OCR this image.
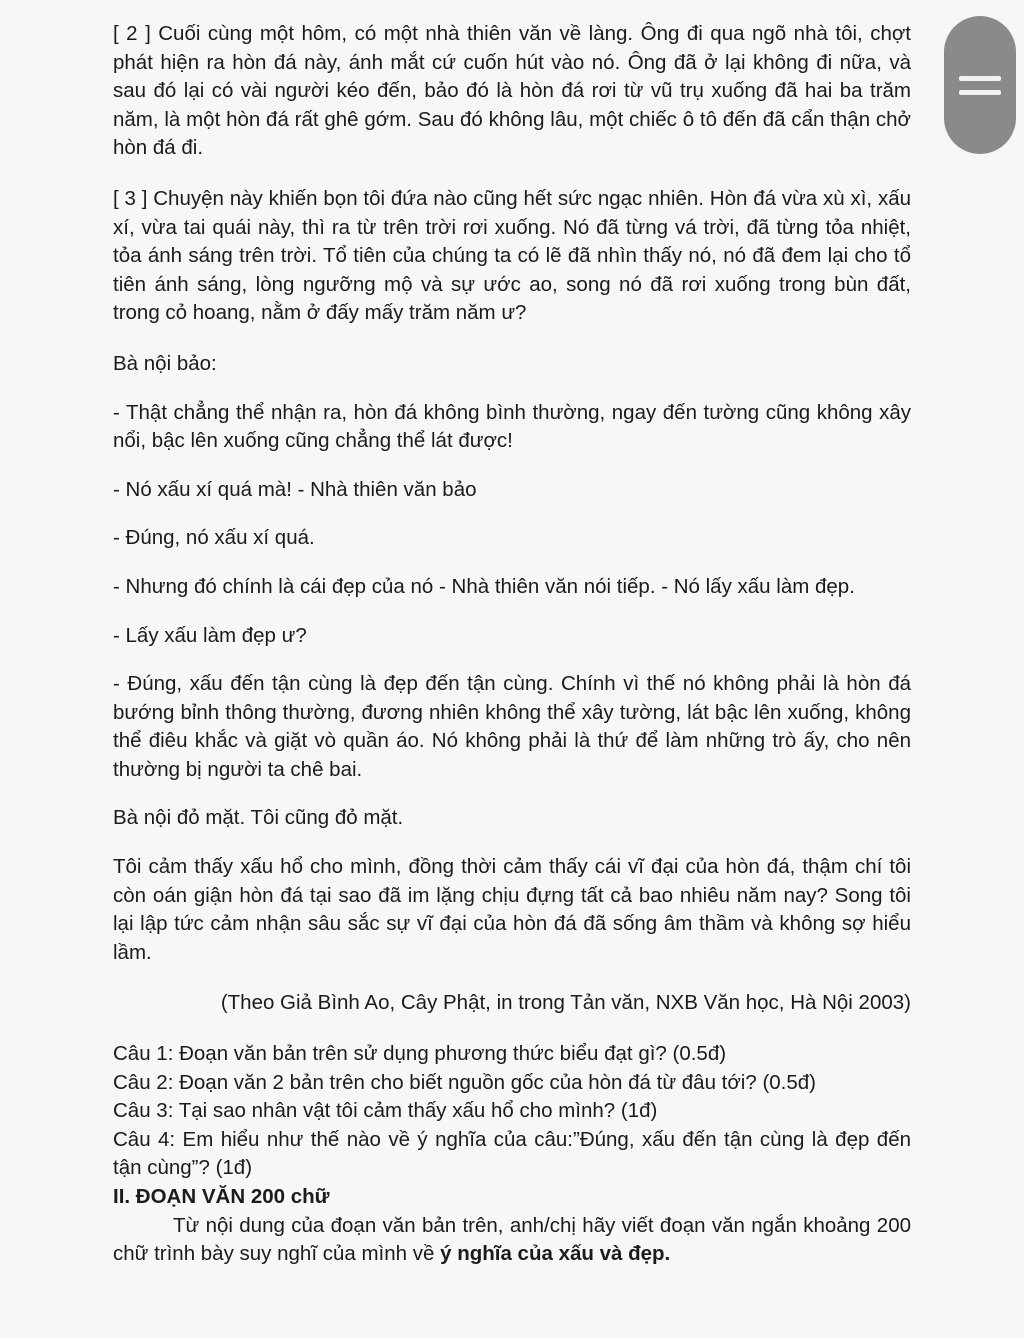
[ 2 ] Cuối cùng một hôm, có một nhà thiên văn về làng. Ông đi qua ngõ nhà tôi, chợt phát hiện ra hòn đá này, ánh mắt cứ cuốn hút vào nó. Ông đã ở lại không đi nữa, và sau đó lại có vài người kéo đến, bảo đó là hòn đá rơi từ vũ trụ xuống đã hai ba trăm năm, là một hòn đá rất ghê gớm. Sau đó không lâu, một chiếc ô tô đến đã cẩn thận chở hòn đá đi.

[ 3 ] Chuyện này khiến bọn tôi đứa nào cũng hết sức ngạc nhiên. Hòn đá vừa xù xì, xấu xí, vừa tai quái này, thì ra từ trên trời rơi xuống. Nó đã từng vá trời, đã từng tỏa nhiệt, tỏa ánh sáng trên trời. Tổ tiên của chúng ta có lẽ đã nhìn thấy nó, nó đã đem lại cho tổ tiên ánh sáng, lòng ngưỡng mộ và sự ước ao, song nó đã rơi xuống trong bùn đất, trong cỏ hoang, nằm ở đấy mấy trăm năm ư?

Bà nội bảo:

- Thật chẳng thể nhận ra, hòn đá không bình thường, ngay đến tường cũng không xây nổi, bậc lên xuống cũng chẳng thể lát được!

- Nó xấu xí quá mà! - Nhà thiên văn bảo

- Đúng, nó xấu xí quá.

- Nhưng đó chính là cái đẹp của nó - Nhà thiên văn nói tiếp. - Nó lấy xấu làm đẹp.

- Lấy xấu làm đẹp ư?

- Đúng, xấu đến tận cùng là đẹp đến tận cùng. Chính vì thế nó không phải là hòn đá bướng bỉnh thông thường, đương nhiên không thể xây tường, lát bậc lên xuống, không thể điêu khắc và giặt vò quần áo. Nó không phải là thứ để làm những trò ấy, cho nên thường bị người ta chê bai.

Bà nội đỏ mặt. Tôi cũng đỏ mặt.

Tôi cảm thấy xấu hổ cho mình, đồng thời cảm thấy cái vĩ đại của hòn đá, thậm chí tôi còn oán giận hòn đá tại sao đã im lặng chịu đựng tất cả bao nhiêu năm nay? Song tôi lại lập tức cảm nhận sâu sắc sự vĩ đại của hòn đá đã sống âm thầm và không sợ hiểu lầm.

(Theo Giả Bình Ao, Cây Phật, in trong Tản văn, NXB Văn học, Hà Nội 2003)

Câu 1: Đoạn văn bản trên sử dụng phương thức biểu đạt gì? (0.5đ)

Câu 2: Đoạn văn 2 bản trên cho biết nguồn gốc của hòn đá từ đâu tới? (0.5đ)

Câu 3: Tại sao nhân vật tôi cảm thấy xấu hổ cho mình? (1đ)

Câu 4: Em hiểu như thế nào về ý nghĩa của câu:”Đúng, xấu đến tận cùng là đẹp đến tận cùng”? (1đ)

II. ĐOẠN VĂN 200 chữ

Từ nội dung của đoạn văn bản trên, anh/chị hãy viết đoạn văn ngắn khoảng 200 chữ trình bày suy nghĩ của mình về ý nghĩa của xấu và đẹp.
